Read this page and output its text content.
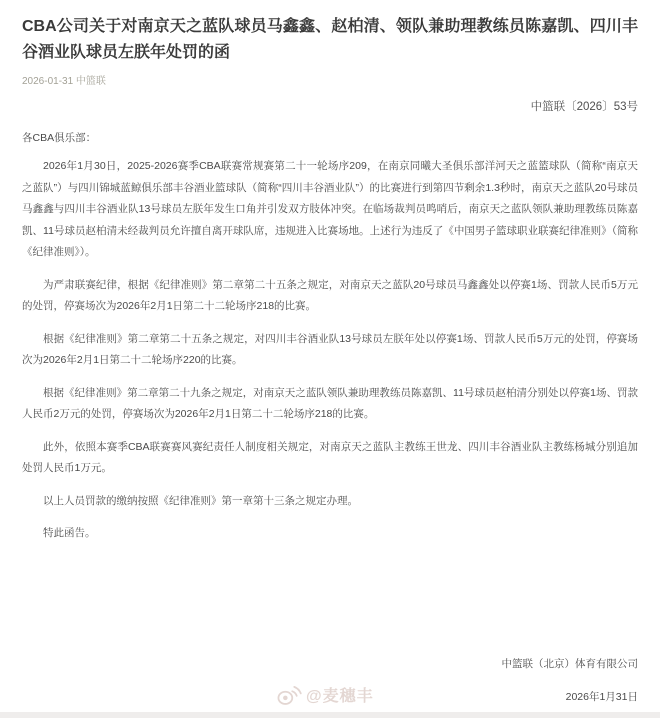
CBA公司关于对南京天之蓝队球员马鑫鑫、赵柏清、领队兼助理教练员陈嘉凯、四川丰谷酒业队球员左朕年处罚的函
2026-01-31 中篮联
中篮联〔2026〕53号
各CBA俱乐部：

2026年1月30日，2025-2026赛季CBA联赛常规赛第二十一轮场序209，在南京同曦大圣俱乐部洋河天之蓝篮球队（简称“南京天之蓝队”）与四川锦城蓝鲸俱乐部丰谷酒业篮球队（简称“四川丰谷酒业队”）的比赛进行到第四节剩余1.3秒时，南京天之蓝队20号球员马鑫鑫与四川丰谷酒业队13号球员左朕年发生口角并引发双方肢体冲突。在临场裁判员鸣哨后，南京天之蓝队领队兼助理教练员陈嘉凯、11号球员赵柏清未经裁判员允许擅自离开球队席，违规进入比赛场地。上述行为违反了《中国男子篮球职业联赛纪律准则》（简称《纪律准则》）。

为严肃联赛纪律，根据《纪律准则》第二章第二十五条之规定，对南京天之蓝队20号球员马鑫鑫处以停赛1场、罚款人民币5万元的处罚，停赛场次为2026年2月1日第二十二轮场序218的比赛。

根据《纪律准则》第二章第二十五条之规定，对四川丰谷酒业队13号球员左朕年处以停赛1场、罚款人民币5万元的处罚，停赛场次为2026年2月1日第二十二轮场序220的比赛。

根据《纪律准则》第二章第二十九条之规定，对南京天之蓝队领队兼助理教练员陈嘉凯、11号球员赵柏清分别处以停赛1场、罚款人民币2万元的处罚，停赛场次为2026年2月1日第二十二轮场序218的比赛。

此外，依照本赛季CBA联赛赛风赛纪责任人制度相关规定，对南京天之蓝队主教练王世龙、四川丰谷酒业队主教练杨城分别追加处罚人民币1万元。

以上人员罚款的缴纳按照《纪律准则》第一章第十三条之规定办理。

特此函告。

中篮联（北京）体育有限公司
2026年1月31日
@麦穗丰
